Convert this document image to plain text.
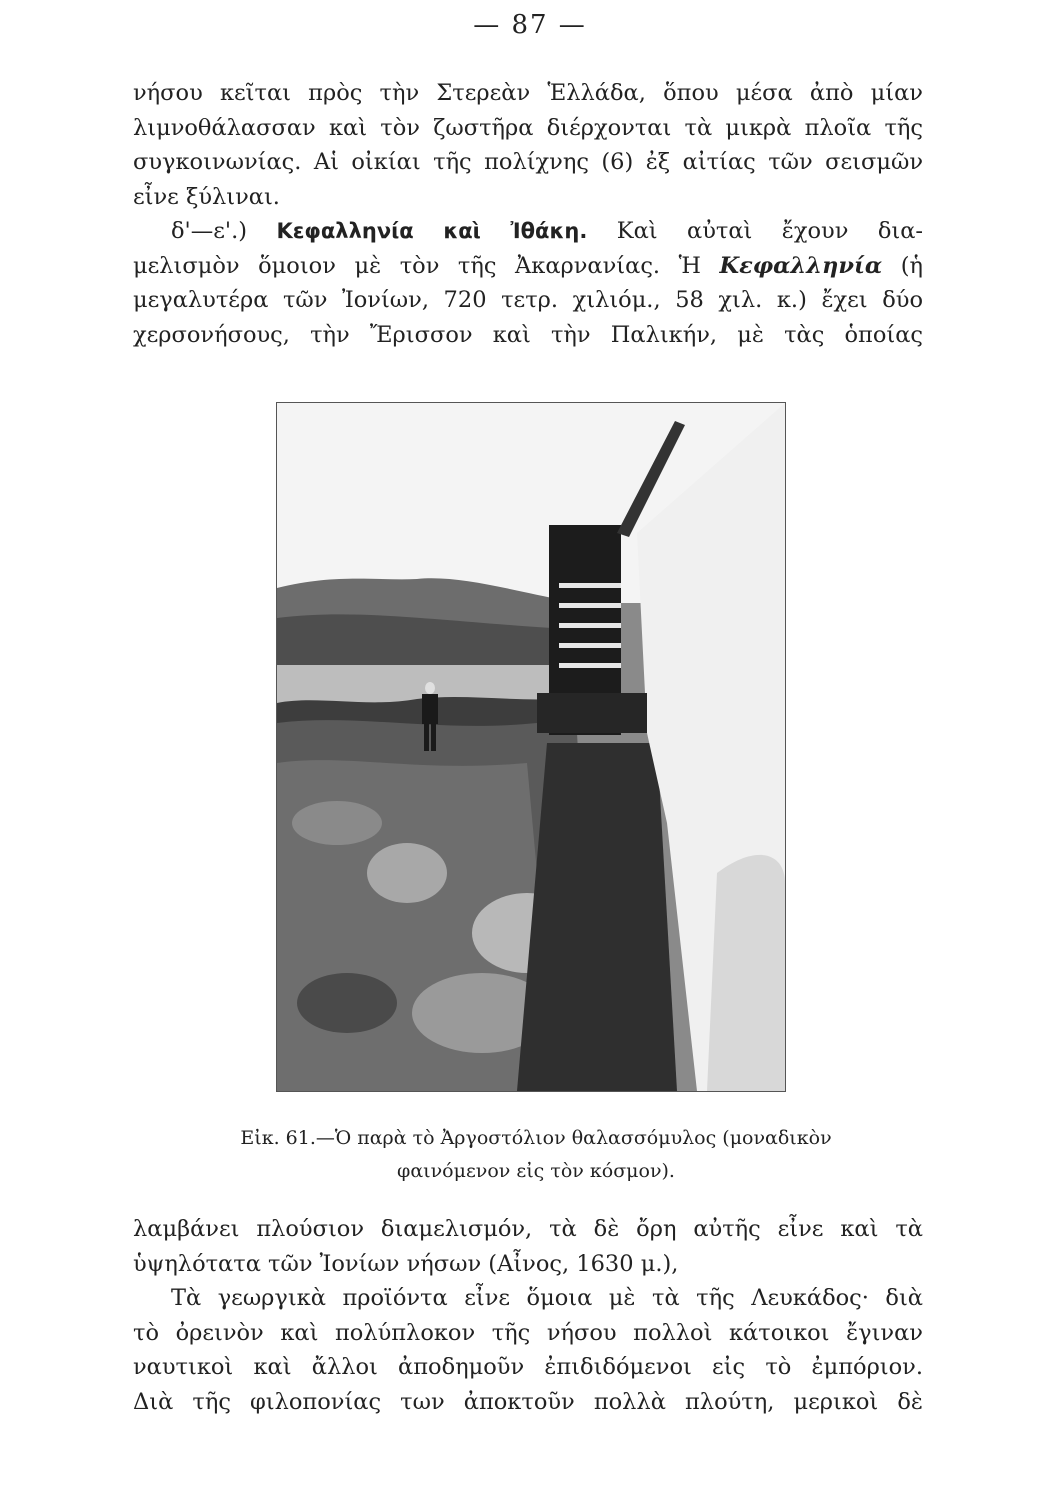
— 87 —
νήσου κεῖται πρὸς τὴν Στερεὰν Ἑλλάδα, ὅπου μέσα ἀπὸ μίαν
λιμνοθάλασσαν καὶ τὸν ζωστῆρα διέρχονται τὰ μικρὰ πλοῖα τῆς
συγκοινωνίας. Αἱ οἰκίαι τῆς πολίχνης (6) ἐξ αἰτίας τῶν σεισμῶν
εἶνε ξύλιναι.
δ'—ε'.) Κεφαλληνία καὶ Ἰθάκη. Καὶ αὐταὶ ἔχουν δια-
μελισμὸν ὅμοιον μὲ τὸν τῆς Ἀκαρνανίας. Ἡ Κεφαλληνία (ἡ
μεγαλυτέρα τῶν Ἰονίων, 720 τετρ. χιλιόμ., 58 χιλ. κ.) ἔχει δύο
χερσονήσους, τὴν Ἔρισσον καὶ τὴν Παλικήν, μὲ τὰς ὁποίας
Εἰκ. 61.—Ὁ παρὰ τὸ Ἀργοστόλιον θαλασσόμυλος (μοναδικὸν
φαινόμενον εἰς τὸν κόσμον).
λαμβάνει πλούσιον διαμελισμόν, τὰ δὲ ὄρη αὐτῆς εἶνε καὶ τὰ
ὑψηλότατα τῶν Ἰονίων νήσων (Αἶνος, 1630 μ.),
Τὰ γεωργικὰ προϊόντα εἶνε ὅμοια μὲ τὰ τῆς Λευκάδος· διὰ
τὸ ὀρεινὸν καὶ πολύπλοκον τῆς νήσου πολλοὶ κάτοικοι ἔγιναν
ναυτικοὶ καὶ ἄλλοι ἀποδημοῦν ἐπιδιδόμενοι εἰς τὸ ἐμπόριον.
Διὰ τῆς φιλοπονίας των ἀποκτοῦν πολλὰ πλούτη, μερικοὶ δὲ
